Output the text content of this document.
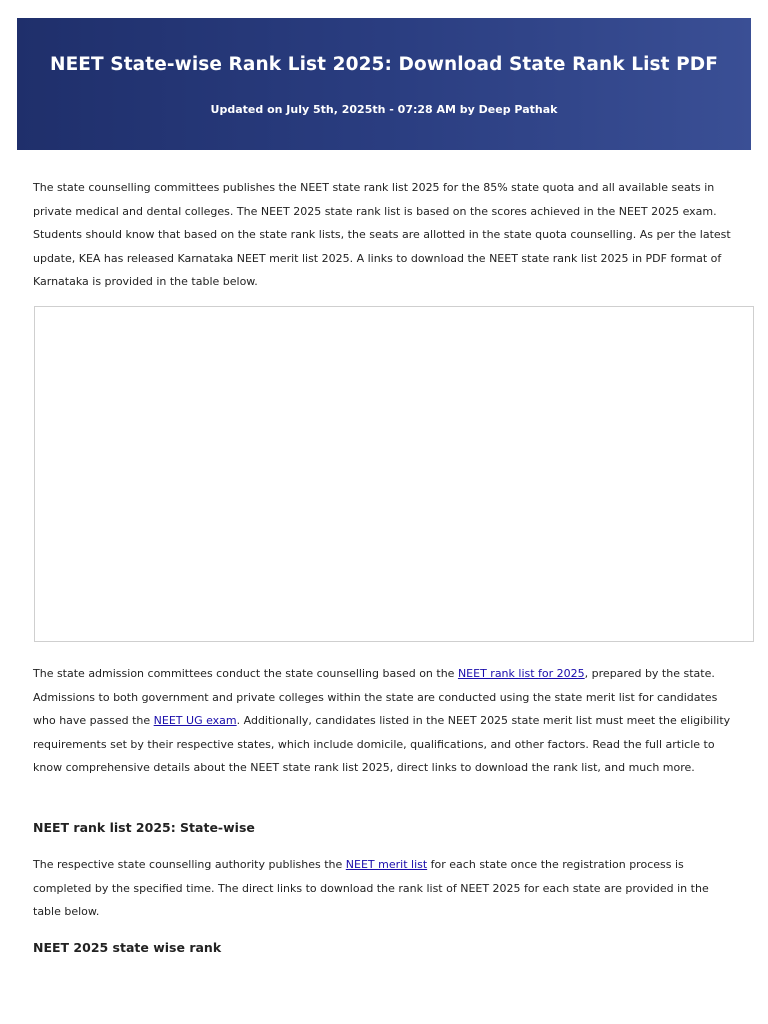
NEET State-wise Rank List 2025: Download State Rank List PDF

Updated on July 5th, 2025th - 07:28 AM by Deep Pathak

The state counselling committees publishes the NEET state rank list 2025 for the 85% state quota and all available seats in private medical and dental colleges. The NEET 2025 state rank list is based on the scores achieved in the NEET 2025 exam. Students should know that based on the state rank lists, the seats are allotted in the state quota counselling. As per the latest update, KEA has released Karnataka NEET merit list 2025. A links to download the NEET state rank list 2025 in PDF format of Karnataka is provided in the table below.

The state admission committees conduct the state counselling based on the NEET rank list for 2025, prepared by the state. Admissions to both government and private colleges within the state are conducted using the state merit list for candidates who have passed the NEET UG exam. Additionally, candidates listed in the NEET 2025 state merit list must meet the eligibility requirements set by their respective states, which include domicile, qualifications, and other factors. Read the full article to know comprehensive details about the NEET state rank list 2025, direct links to download the rank list, and much more.

NEET rank list 2025: State-wise

The respective state counselling authority publishes the NEET merit list for each state once the registration process is completed by the specified time. The direct links to download the rank list of NEET 2025 for each state are provided in the table below.

NEET 2025 state wise rank
